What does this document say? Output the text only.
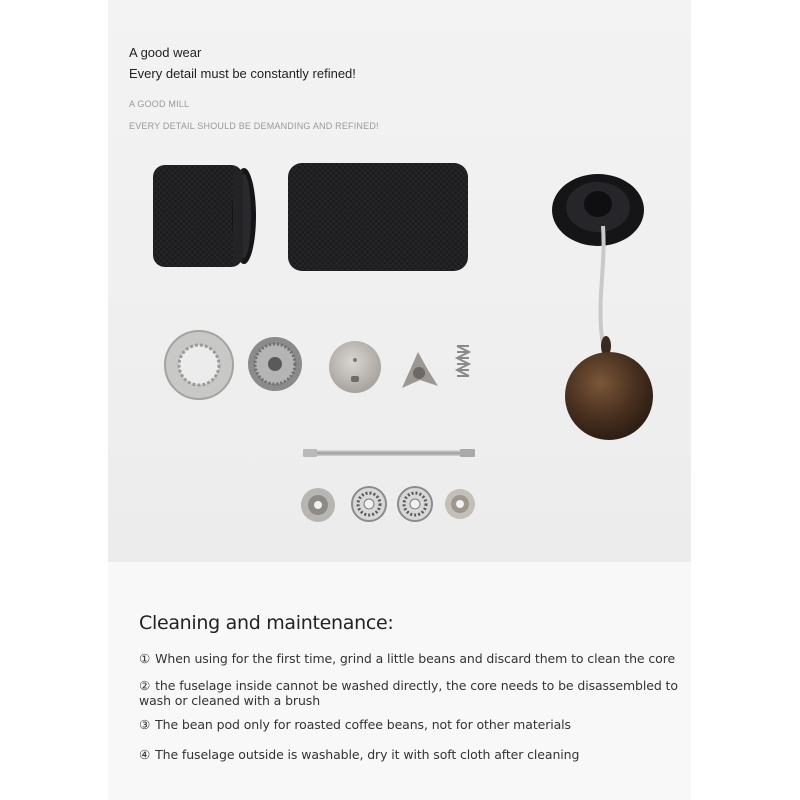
A good wear
Every detail must be constantly refined!
A GOOD MILL
EVERY DETAIL SHOULD BE DEMANDING AND REFINED!
Cleaning and maintenance:
① When using for the first time, grind a little beans and discard them to clean the core
② the fuselage inside cannot be washed directly, the core needs to be disassembled to wash or cleaned with a brush
③ The bean pod only for roasted coffee beans, not for other materials
④ The fuselage outside is washable, dry it with soft cloth after cleaning
